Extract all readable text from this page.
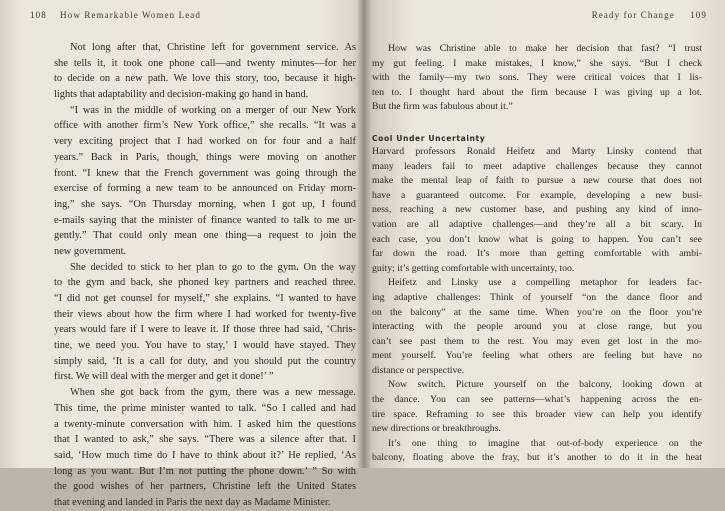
108 How Remarkable Women Lead
Not long after that, Christine left for government service. As
she tells it, it took one phone call—and twenty minutes—for her
to decide on a new path. We love this story, too, because it high-
lights that adaptability and decision-making go hand in hand.
“I was in the middle of working on a merger of our New York
office with another firm’s New York office,” she recalls. “It was a
very exciting project that I had worked on for four and a half
years.” Back in Paris, though, things were moving on another
front. “I knew that the French government was going through the
exercise of forming a new team to be announced on Friday morn-
ing,” she says. “On Thursday morning, when I got up, I found
e-mails saying that the minister of finance wanted to talk to me ur-
gently.” That could only mean one thing—a request to join the
new government.
She decided to stick to her plan to go to the gym. On the way
to the gym and back, she phoned key partners and reached three.
“I did not get counsel for myself,” she explains. “I wanted to have
their views about how the firm where I had worked for twenty-five
years would fare if I were to leave it. If those three had said, ‘Chris-
tine, we need you. You have to stay,’ I would have stayed. They
simply said, ‘It is a call for duty, and you should put the country
first. We will deal with the merger and get it done!’ ”
When she got back from the gym, there was a new message.
This time, the prime minister wanted to talk. “So I called and had
a twenty-minute conversation with him. I asked him the questions
that I wanted to ask,” she says. “There was a silence after that. I
said, ‘How much time do I have to think about it?’ He replied, ‘As
long as you want. But I’m not putting the phone down.’ ” So with
the good wishes of her partners, Christine left the United States
that evening and landed in Paris the next day as Madame Minister.
Ready for Change 109
How was Christine able to make her decision that fast? “I trust
my gut feeling. I make mistakes, I know,” she says. “But I check
with the family—my two sons. They were critical voices that I lis-
ten to. I thought hard about the firm because I was giving up a lot.
But the firm was fabulous about it.”
Cool Under Uncertainty
Harvard professors Ronald Heifetz and Marty Linsky contend that
many leaders fail to meet adaptive challenges because they cannot
make the mental leap of faith to pursue a new course that does not
have a guaranteed outcome. For example, developing a new busi-
ness, reaching a new customer base, and pushing any kind of inno-
vation are all adaptive challenges—and they’re all a bit scary. In
each case, you don’t know what is going to happen. You can’t see
far down the road. It’s more than getting comfortable with ambi-
guity; it’s getting comfortable with uncertainty, too.
Heifetz and Linsky use a compelling metaphor for leaders fac-
ing adaptive challenges: Think of yourself “on the dance floor and
on the balcony” at the same time. When you’re on the floor you’re
interacting with the people around you at close range, but you
can’t see past them to the rest. You may even get lost in the mo-
ment yourself. You’re feeling what others are feeling but have no
distance or perspective.
Now switch. Picture yourself on the balcony, looking down at
the dance. You can see patterns—what’s happening across the en-
tire space. Reframing to see this broader view can help you identify
new directions or breakthroughs.
It’s one thing to imagine that out-of-body experience on the
balcony, floating above the fray, but it’s another to do it in the heat
